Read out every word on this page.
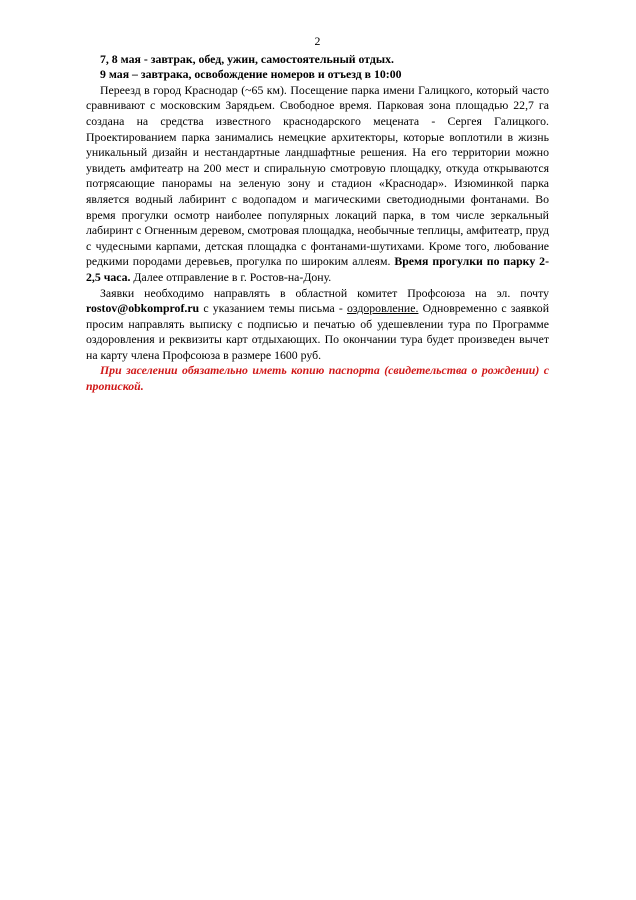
2

7, 8 мая - завтрак, обед, ужин, самостоятельный отдых.

9 мая – завтрака, освобождение номеров и отъезд в 10:00

Переезд в город Краснодар (~65 км). Посещение парка имени Галицкого, который часто сравнивают с московским Зарядьем. Свободное время. Парковая зона площадью 22,7 га создана на средства известного краснодарского мецената - Сергея Галицкого. Проектированием парка занимались немецкие архитекторы, которые воплотили в жизнь уникальный дизайн и нестандартные ландшафтные решения. На его территории можно увидеть амфитеатр на 200 мест и спиральную смотровую площадку, откуда открываются потрясающие панорамы на зеленую зону и стадион «Краснодар». Изюминкой парка является водный лабиринт с водопадом и магическими светодиодными фонтанами. Во время прогулки осмотр наиболее популярных локаций парка, в том числе зеркальный лабиринт с Огненным деревом, смотровая площадка, необычные теплицы, амфитеатр, пруд с чудесными карпами, детская площадка с фонтанами-шутихами. Кроме того, любование редкими породами деревьев, прогулка по широким аллеям. Время прогулки по парку 2-2,5 часа. Далее отправление в г. Ростов-на-Дону.

Заявки необходимо направлять в областной комитет Профсоюза на эл. почту rostov@obkomprof.ru с указанием темы письма - оздоровление. Одновременно с заявкой просим направлять выписку с подписью и печатью об удешевлении тура по Программе оздоровления и реквизиты карт отдыхающих. По окончании тура будет произведен вычет на карту члена Профсоюза в размере 1600 руб.

При заселении обязательно иметь копию паспорта (свидетельства о рождении) с пропиской.
